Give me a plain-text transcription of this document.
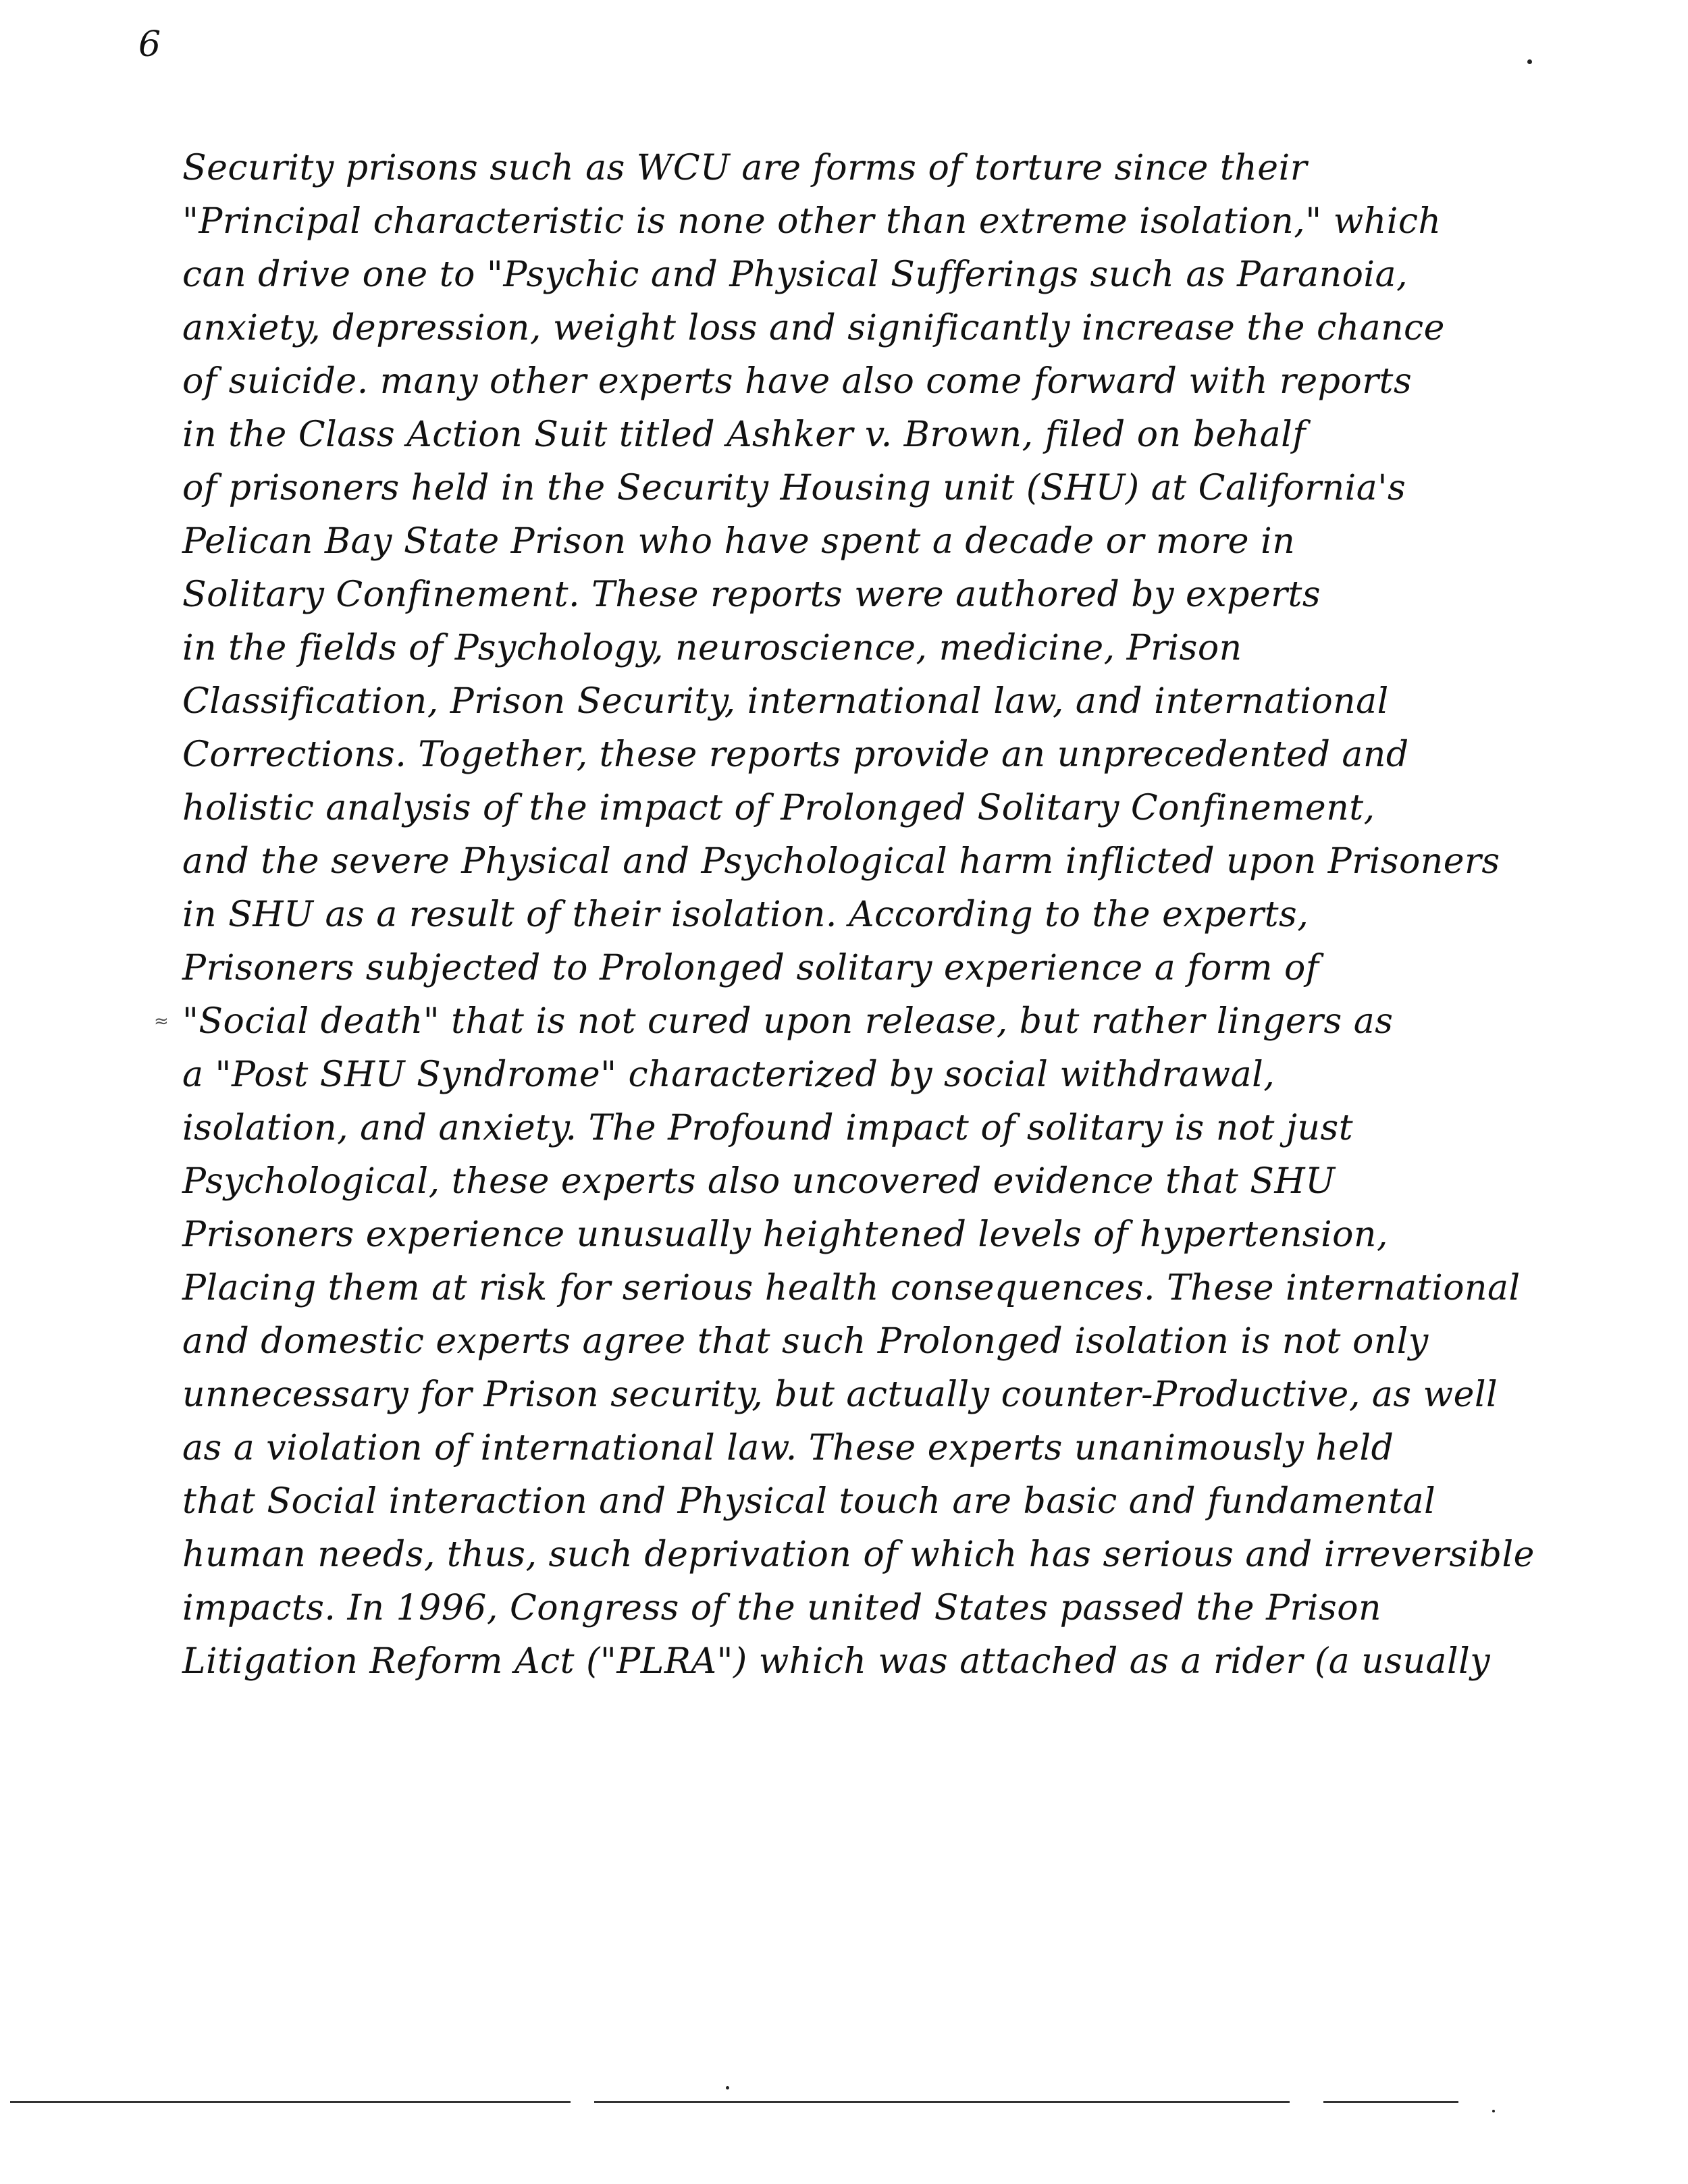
6
≈
Security prisons such as WCU are forms of torture since their
"Principal characteristic is none other than extreme isolation," which
can drive one to "Psychic and Physical Sufferings such as Paranoia,
anxiety, depression, weight loss and significantly increase the chance
of suicide. many other experts have also come forward with reports
in the Class Action Suit titled Ashker v. Brown, filed on behalf
of prisoners held in the Security Housing unit (SHU) at California's
Pelican Bay State Prison who have spent a decade or more in
Solitary Confinement. These reports were authored by experts
in the fields of Psychology, neuroscience, medicine, Prison
Classification, Prison Security, international law, and international
Corrections. Together, these reports provide an unprecedented and
holistic analysis of the impact of Prolonged Solitary Confinement,
and the severe Physical and Psychological harm inflicted upon Prisoners
in SHU as a result of their isolation. According to the experts,
Prisoners subjected to Prolonged solitary experience a form of
"Social death" that is not cured upon release, but rather lingers as
a "Post SHU Syndrome" characterized by social withdrawal,
isolation, and anxiety. The Profound impact of solitary is not just
Psychological, these experts also uncovered evidence that SHU
Prisoners experience unusually heightened levels of hypertension,
Placing them at risk for serious health consequences. These international
and domestic experts agree that such Prolonged isolation is not only
unnecessary for Prison security, but actually counter-Productive, as well
as a violation of international law. These experts unanimously held
that Social interaction and Physical touch are basic and fundamental
human needs, thus, such deprivation of which has serious and irreversible
impacts. In 1996, Congress of the united States passed the Prison
Litigation Reform Act ("PLRA") which was attached as a rider (a usually
